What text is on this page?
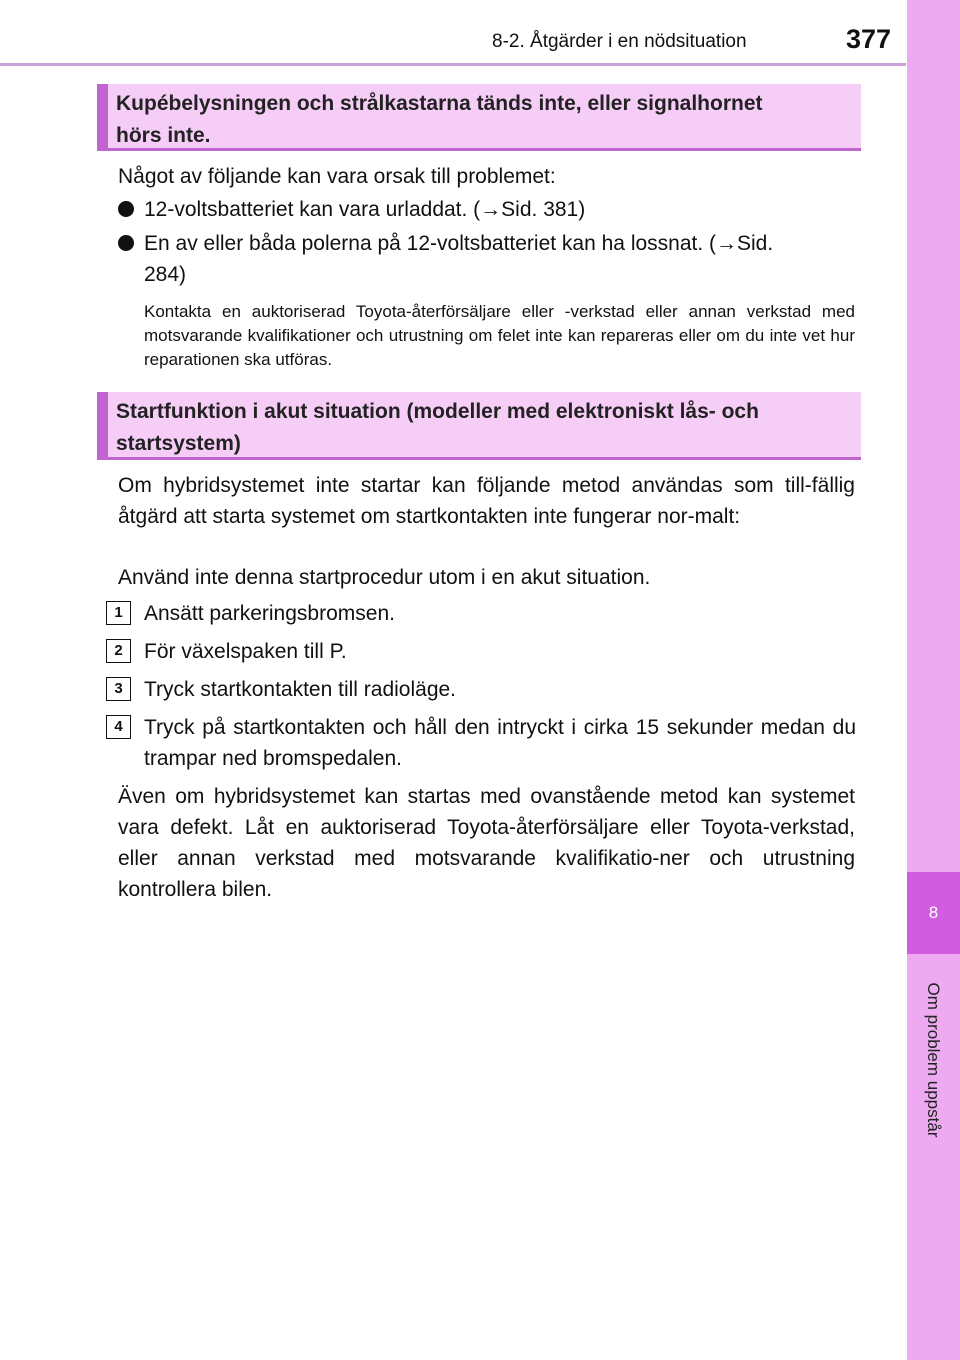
8-2. Åtgärder i en nödsituation	377
8
Om problem uppstår
Kupébelysningen och strålkastarna tänds inte, eller signalhornet
hörs inte.
Något av följande kan vara orsak till problemet:
12-voltsbatteriet kan vara urladdat. (→Sid. 381)
En av eller båda polerna på 12-voltsbatteriet kan ha lossnat. (→Sid. 284)
Kontakta en auktoriserad Toyota-återförsäljare eller -verkstad eller annan verkstad med motsvarande kvalifikationer och utrustning om felet inte kan repareras eller om du inte vet hur reparationen ska utföras.
Startfunktion i akut situation (modeller med elektroniskt lås- och
startsystem)
Om hybridsystemet inte startar kan följande metod användas som till-fällig åtgärd att starta systemet om startkontakten inte fungerar nor-malt:
Använd inte denna startprocedur utom i en akut situation.
1	Ansätt parkeringsbromsen.
2	För växelspaken till P.
3	Tryck startkontakten till radioläge.
4	Tryck på startkontakten och håll den intryckt i cirka 15 sekunder medan du trampar ned bromspedalen.
Även om hybridsystemet kan startas med ovanstående metod kan systemet vara defekt. Låt en auktoriserad Toyota-återförsäljare eller Toyota-verkstad, eller annan verkstad med motsvarande kvalifikatio-ner och utrustning kontrollera bilen.
